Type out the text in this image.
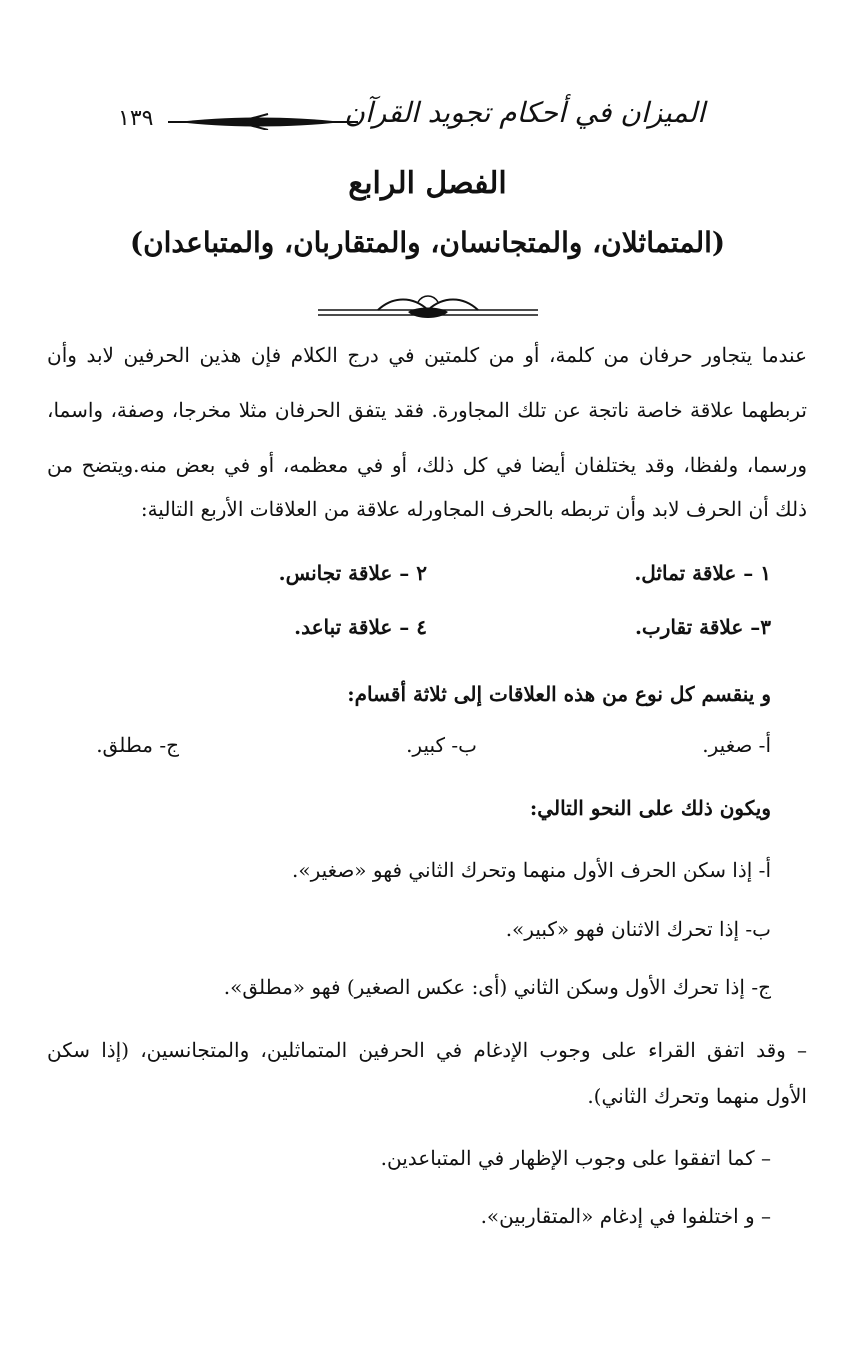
الميزان في أحكام تجويد القرآن
١٣٩
الفصل الرابع
(المتماثلان، والمتجانسان، والمتقاربان، والمتباعدان)
عندما يتجاور حرفان من كلمة، أو من كلمتين في درج الكلام فإن هذين الحرفين لابد وأن
تربطهما علاقة خاصة ناتجة عن تلك المجاورة. فقد يتفق الحرفان مثلا مخرجا، وصفة، واسما،
ورسما، ولفظا، وقد يختلفان أيضا في كل ذلك، أو في معظمه، أو في بعض منه.ويتضح من
ذلك أن الحرف لابد وأن تربطه بالحرف المجاورله علاقة من العلاقات الأربع التالية:
١ – علاقة تماثل.
٢ – علاقة تجانس.
٣– علاقة تقارب.
٤ – علاقة تباعد.
و ينقسم كل نوع من هذه العلاقات إلى ثلاثة أقسام:
أ- صغير.
ب- كبير.
ج- مطلق.
ويكون ذلك على النحو التالي:
أ- إذا سكن الحرف الأول منهما وتحرك الثاني فهو «صغير».
ب- إذا تحرك الاثنان فهو «كبير».
ج- إذا تحرك الأول وسكن الثاني (أى: عكس الصغير) فهو «مطلق».
– وقد اتفق القراء على وجوب الإدغام في الحرفين المتماثلين، والمتجانسين، (إذا سكن
الأول منهما وتحرك الثاني).
– كما اتفقوا على وجوب الإظهار في المتباعدين.
– و اختلفوا في إدغام «المتقاربين».
